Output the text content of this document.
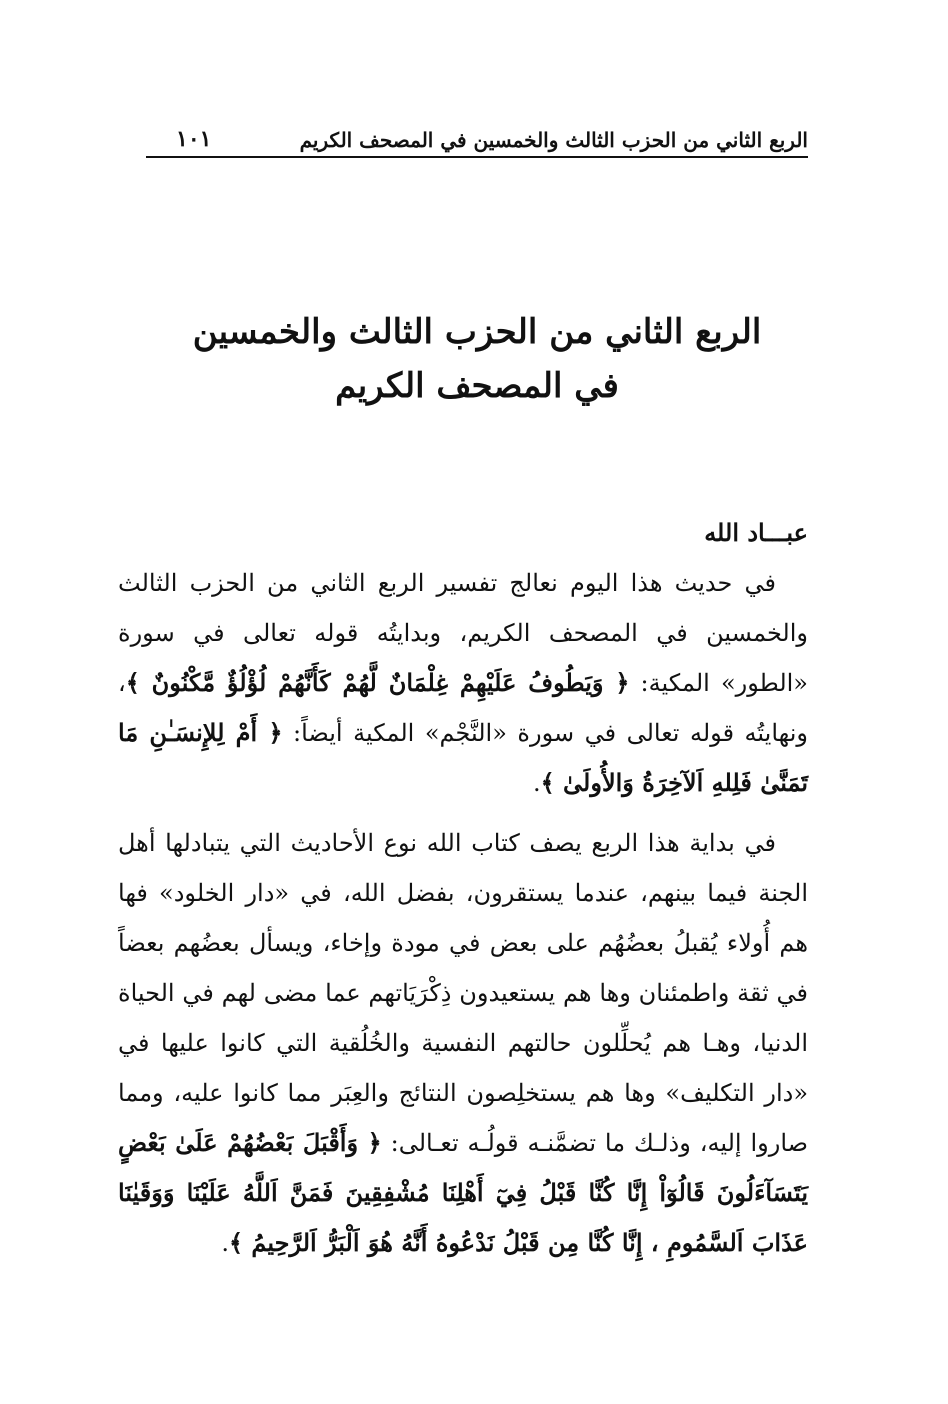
الربع الثاني من الحزب الثالث والخمسين في المصحف الكريم
١٠١
الربع الثاني من الحزب الثالث والخمسين
في المصحف الكريم
عبـــاد الله

في حديث هذا اليوم نعالج تفسير الربع الثاني من الحزب الثالث والخمسين في المصحف الكريم، وبدايتُه قوله تعالى في سورة «الطور» المكية: ﴿ وَيَطُوفُ عَلَيْهِمْ غِلْمَانٌ لَّهُمْ كَأَنَّهُمْ لُؤْلُؤٌ مَّكْنُونٌ ﴾، ونهايتُه قوله تعالى في سورة «النَّجْم» المكية أيضاً: ﴿ أَمْ لِلإِنسَـٰنِ مَا تَمَنَّىٰ فَلِلهِ اَلآخِرَةُ وَالأُولَىٰ ﴾.

في بداية هذا الربع يصف كتاب الله نوع الأحاديث التي يتبادلها أهل الجنة فيما بينهم، عندما يستقرون، بفضل الله، في «دار الخلود» فها هم أُولاء يُقبلُ بعضُهُم على بعض في مودة وإخاء، ويسأل بعضُهم بعضاً في ثقة واطمئنان وها هم يستعيدون ذِكْرَيَاتهم عما مضى لهم في الحياة الدنيا، وهـا هم يُحلِّلون حالتهم النفسية والخُلُقية التي كانوا عليها في «دار التكليف» وها هم يستخلِصون النتائج والعِبَر مما كانوا عليه، ومما صاروا إليه، وذلـك ما تضمَّنـه قولُـه تعـالى: ﴿ وَأَقْبَلَ بَعْضُهُمْ عَلَىٰ بَعْضٍ يَتَسَآءَلُونَ قَالُوٓاْ إِنَّا كُنَّا قَبْلُ فِيٓ أَهْلِنَا مُشْفِقِينَ فَمَنَّ اَللَّهُ عَلَيْنَا وَوَقَيٰنَا عَذَابَ اَلسَّمُومِ ، إِنَّا كُنَّا مِن قَبْلُ نَدْعُوهُ أَنَّهُ هُوَ اَلْبَرُّ اَلرَّحِيمُ ﴾.
